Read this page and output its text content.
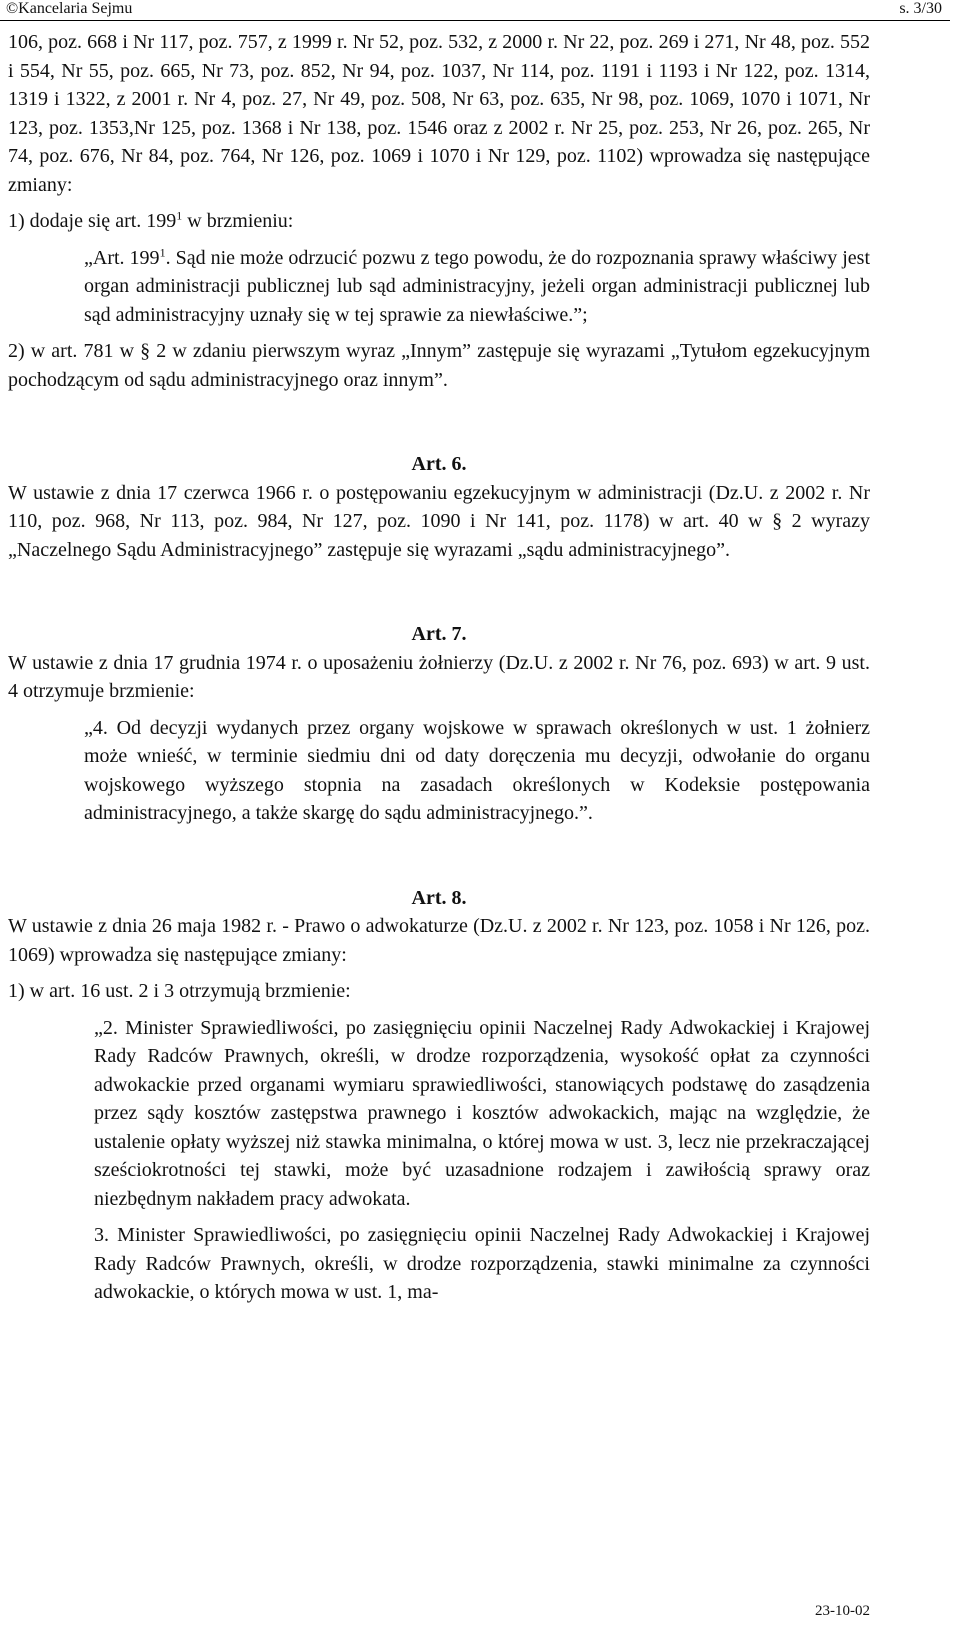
©Kancelaria Sejmu	s. 3/30

106, poz. 668 i Nr 117, poz. 757, z 1999 r. Nr 52, poz. 532, z 2000 r. Nr 22, poz. 269 i 271, Nr 48, poz. 552 i 554, Nr 55, poz. 665, Nr 73, poz. 852, Nr 94, poz. 1037, Nr 114, poz. 1191 i 1193 i Nr 122, poz. 1314, 1319 i 1322, z 2001 r. Nr 4, poz. 27, Nr 49, poz. 508, Nr 63, poz. 635, Nr 98, poz. 1069, 1070 i 1071, Nr 123, poz. 1353,Nr 125, poz. 1368 i Nr 138, poz. 1546 oraz z 2002 r. Nr 25, poz. 253, Nr 26, poz. 265, Nr 74, poz. 676, Nr 84, poz. 764, Nr 126, poz. 1069 i 1070 i Nr 129, poz. 1102) wprowadza się następujące zmiany:

1) dodaje się art. $199^1$ w brzmieniu:

„Art. $199^1$. Sąd nie może odrzucić pozwu z tego powodu, że do rozpoznania sprawy właściwy jest organ administracji publicznej lub sąd administracyjny, jeżeli organ administracji publicznej lub sąd administracyjny uznały się w tej sprawie za niewłaściwe.”;

2) w art. 781 w § 2 w zdaniu pierwszym wyraz „Innym” zastępuje się wyrazami „Tytułom egzekucyjnym pochodzącym od sądu administracyjnego oraz innym”.

Art. 6.

W ustawie z dnia 17 czerwca 1966 r. o postępowaniu egzekucyjnym w administracji (Dz.U. z 2002 r. Nr 110, poz. 968, Nr 113, poz. 984, Nr 127, poz. 1090 i Nr 141, poz. 1178) w art. 40 w § 2 wyrazy „Naczelnego Sądu Administracyjnego” zastępuje się wyrazami „sądu administracyjnego”.

Art. 7.

W ustawie z dnia 17 grudnia 1974 r. o uposażeniu żołnierzy (Dz.U. z 2002 r. Nr 76, poz. 693) w art. 9 ust. 4 otrzymuje brzmienie:

„4. Od decyzji wydanych przez organy wojskowe w sprawach określonych w ust. 1 żołnierz może wnieść, w terminie siedmiu dni od daty doręczenia mu decyzji, odwołanie do organu wojskowego wyższego stopnia na zasadach określonych w Kodeksie postępowania administracyjnego, a także skargę do sądu administracyjnego.”.

Art. 8.

W ustawie z dnia 26 maja 1982 r. - Prawo o adwokaturze (Dz.U. z 2002 r. Nr 123, poz. 1058 i Nr 126, poz. 1069) wprowadza się następujące zmiany:

1) w art. 16 ust. 2 i 3 otrzymują brzmienie:

„2. Minister Sprawiedliwości, po zasięgnięciu opinii Naczelnej Rady Adwokackiej i Krajowej Rady Radców Prawnych, określi, w drodze rozporządzenia, wysokość opłat za czynności adwokackie przed organami wymiaru sprawiedliwości, stanowiących podstawę do zasądzenia przez sądy kosztów zastępstwa prawnego i kosztów adwokackich, mając na względzie, że ustalenie opłaty wyższej niż stawka minimalna, o której mowa w ust. 3, lecz nie przekraczającej sześciokrotności tej stawki, może być uzasadnione rodzajem i zawiłością sprawy oraz niezbędnym nakładem pracy adwokata.

3. Minister Sprawiedliwości, po zasięgnięciu opinii Naczelnej Rady Adwokackiej i Krajowej Rady Radców Prawnych, określi, w drodze rozporządzenia, stawki minimalne za czynności adwokackie, o których mowa w ust. 1, ma-

23-10-02
